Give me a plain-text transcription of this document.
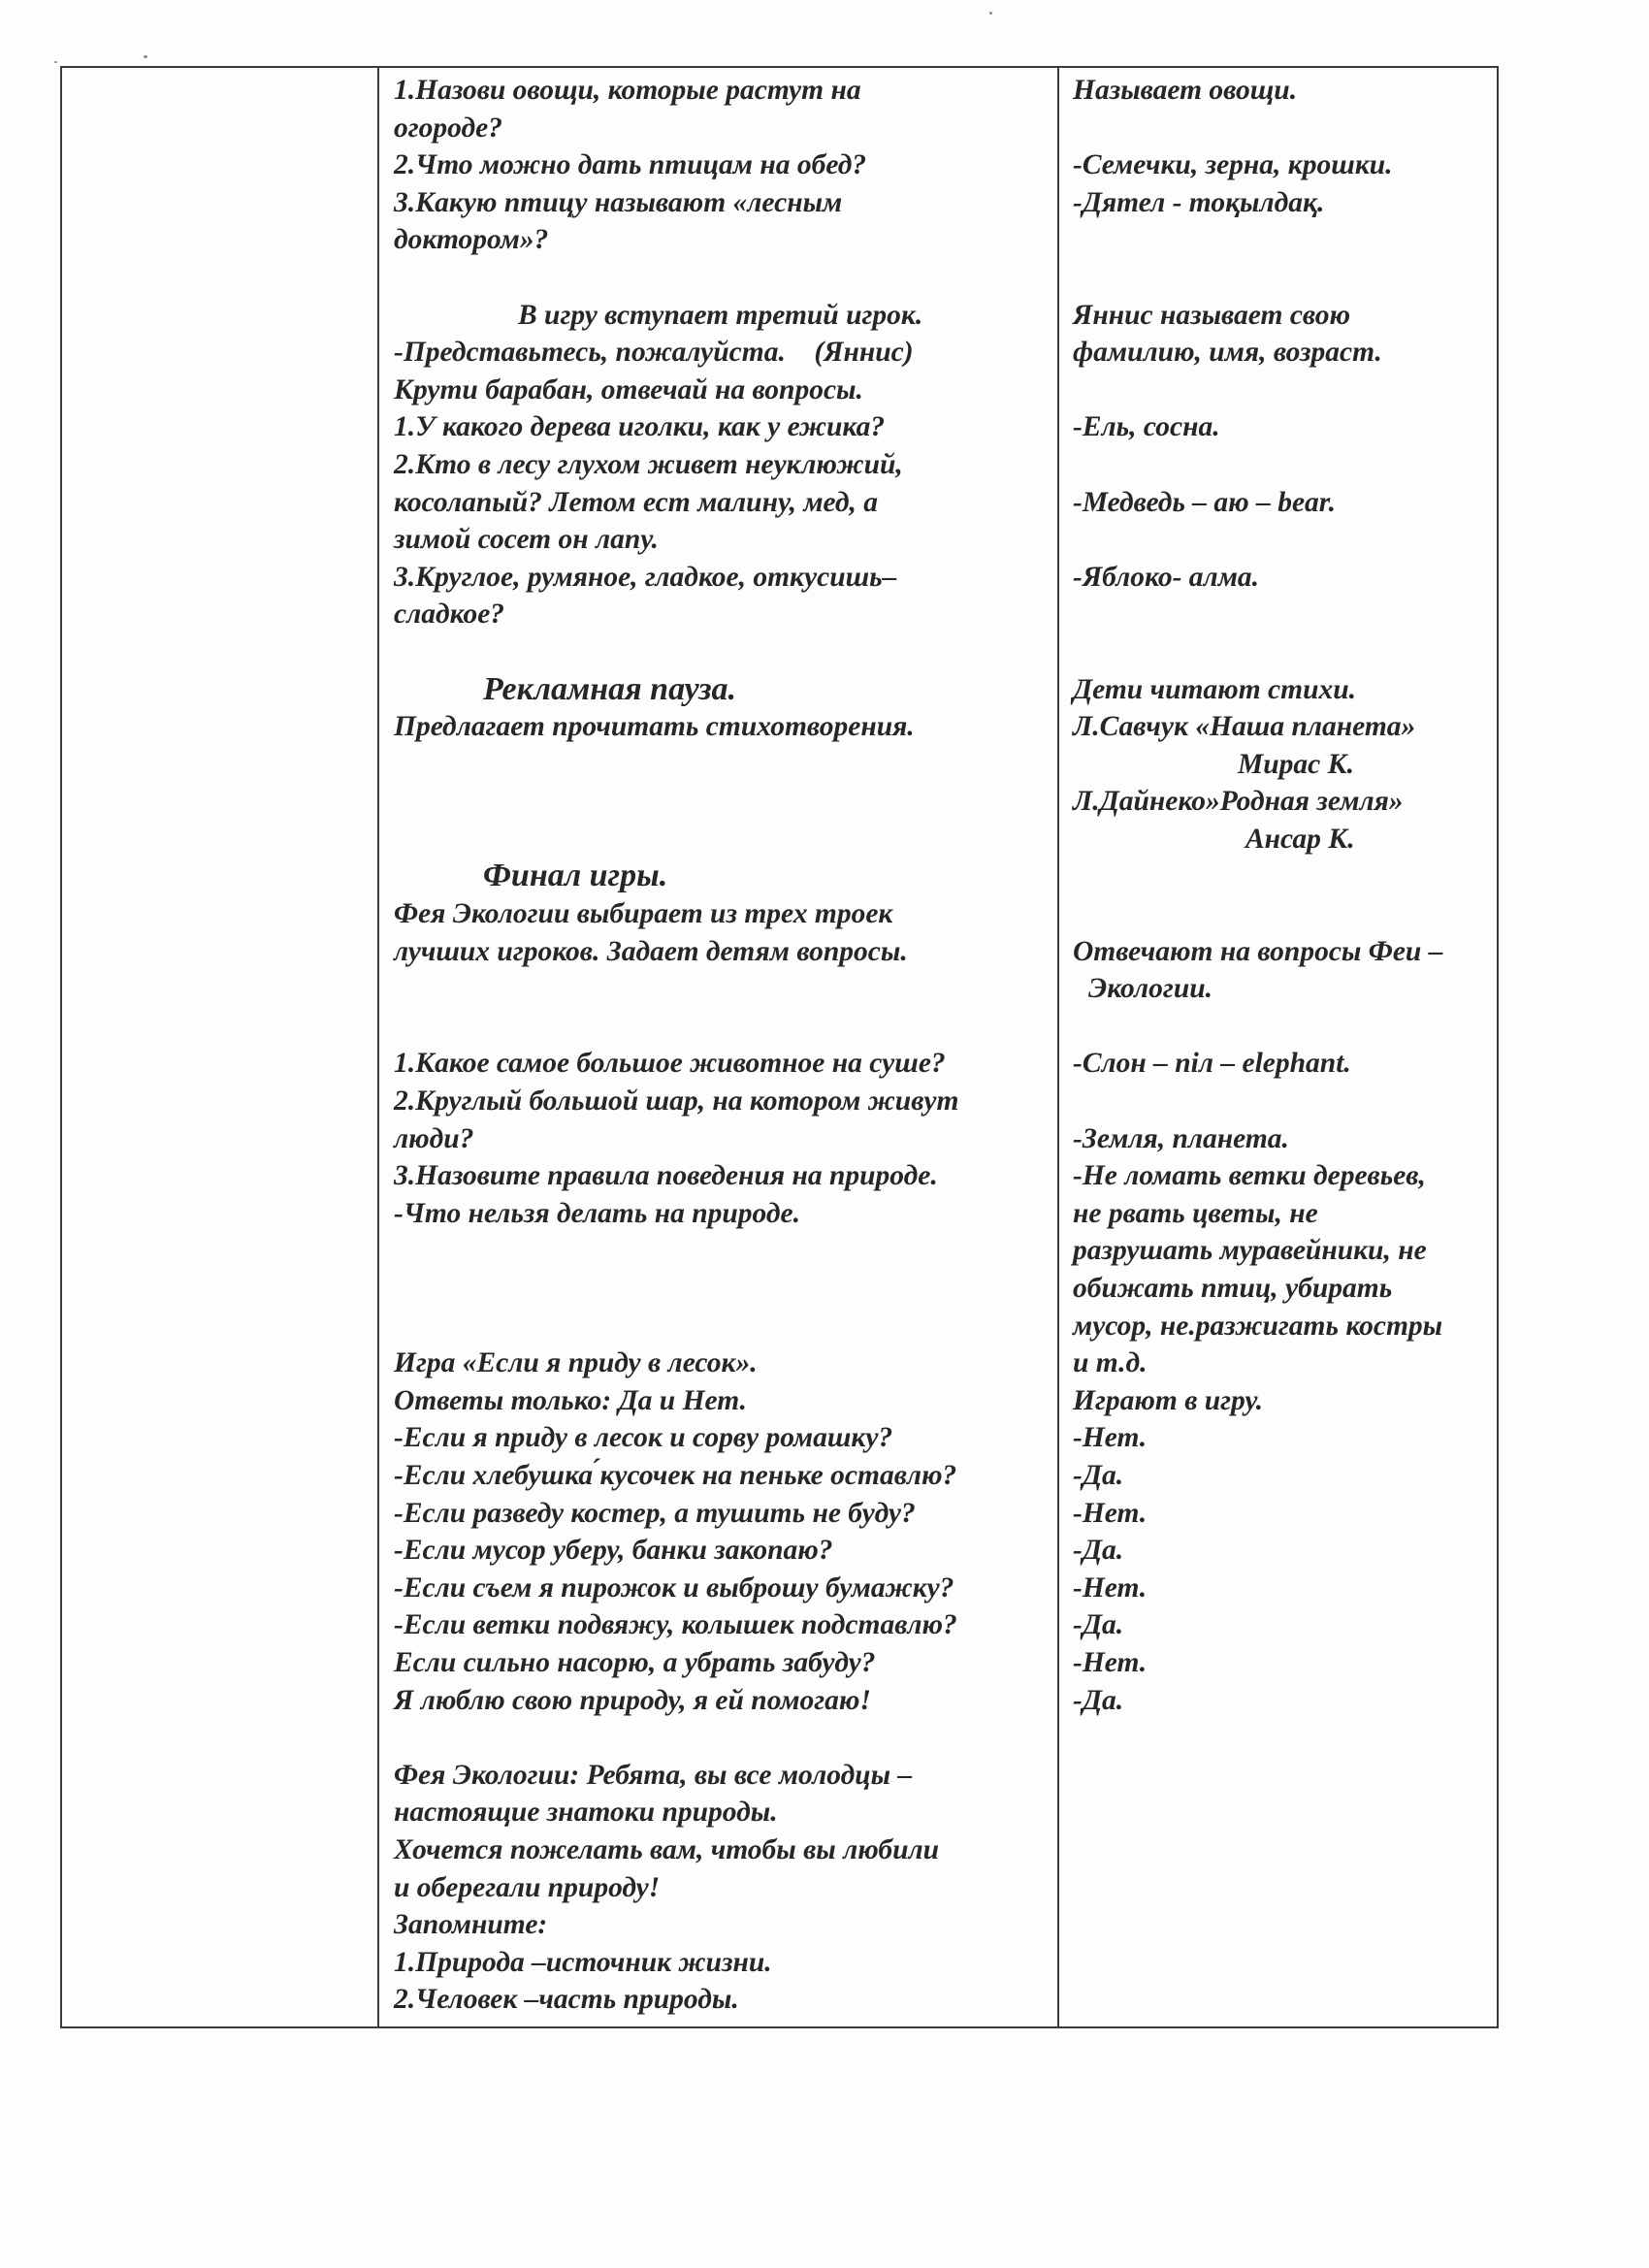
1.Назови овощи, которые растут на
огороде?
2.Что можно дать птицам на обед?
3.Какую птицу называют «лесным
доктором»?
В игру вступает третий игрок.
-Представьтесь, пожалуйста.    (Яннис)
Крути барабан, отвечай на вопросы.
1.У какого дерева иголки, как у ежика?
2.Кто в лесу глухом живет неуклюжий,
косолапый? Летом ест малину, мед, а
зимой сосет он лапу.
3.Круглое, румяное, гладкое, откусишь–
сладкое?
Рекламная пауза.
Предлагает прочитать стихотворения.
Финал игры.
Фея Экологии выбирает из трех троек
лучших игроков. Задает детям вопросы.
1.Какое самое большое животное на суше?
2.Круглый большой шар, на котором живут
люди?
3.Назовите правила поведения на природе.
-Что нельзя делать на природе.
Игра «Если я приду в лесок».
Ответы только: Да и Нет.
-Если я приду в лесок и сорву ромашку?
-Если хлебушка ́кусочек на пеньке оставлю?
-Если разведу костер, а тушить не буду?
-Если мусор уберу, банки закопаю?
-Если съем я пирожок и выброшу бумажку?
-Если ветки подвяжу, колышек подставлю?
Если сильно насорю, а убрать забуду?
Я люблю свою природу, я ей помогаю!
Фея Экологии: Ребята, вы все молодцы –
настоящие знатоки природы.
Хочется пожелать вам, чтобы вы любили
и оберегали природу!
Запомните:
1.Природа –источник жизни.
2.Человек –часть природы.
Называет овощи.
-Семечки, зерна, крошки.
-Дятел - тоқылдақ.
Яннис называет свою
фамилию, имя, возраст.
-Ель, сосна.
-Медведь – аю – bear.
-Яблоко- алма.
Дети читают стихи.
Л.Савчук «Наша планета»
Мирас К.
Л.Дайнеко»Родная земля»
Ансар К.
Отвечают на вопросы Феи –
Экологии.
-Слон – піл – elephant.
-Земля, планета.
-Не ломать ветки деревьев,
не рвать цветы, не
разрушать муравейники, не
обижать птиц, убирать
мусор, не.разжигать костры
и т.д.
Играют в игру.
-Нет.
-Да.
-Нет.
-Да.
-Нет.
-Да.
-Нет.
-Да.
